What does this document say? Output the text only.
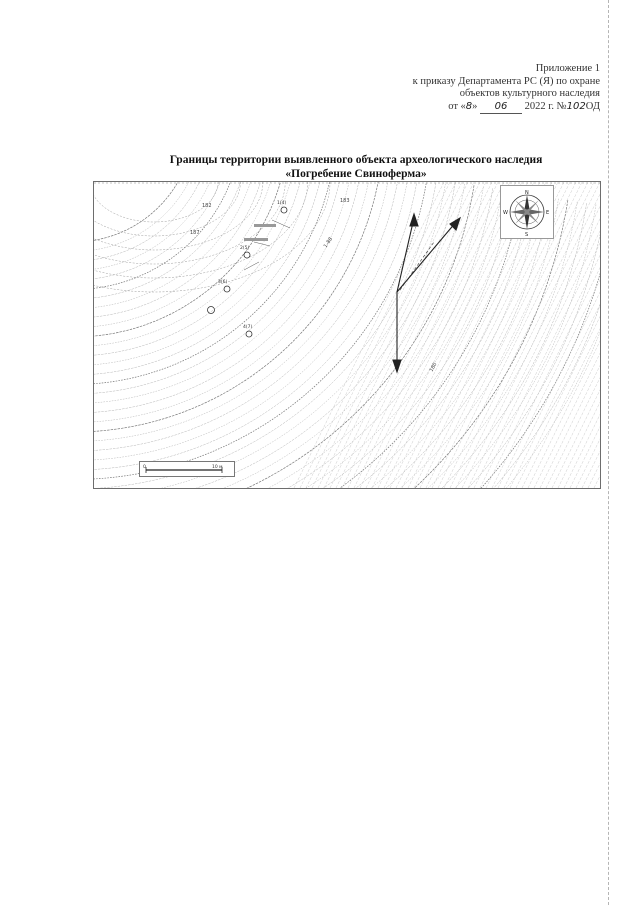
Приложение 1
к приказу Департамента РС (Я) по охране
объектов культурного наследия
от «8» 06 2022 г. №102ОД
Границы территории выявленного объекта археологического наследия
«Погребение Свиноферма»
182
187
1-88
183
180
1(4)
2(5)
3(6)
4(7)
N
S
E
W
0	10 м
